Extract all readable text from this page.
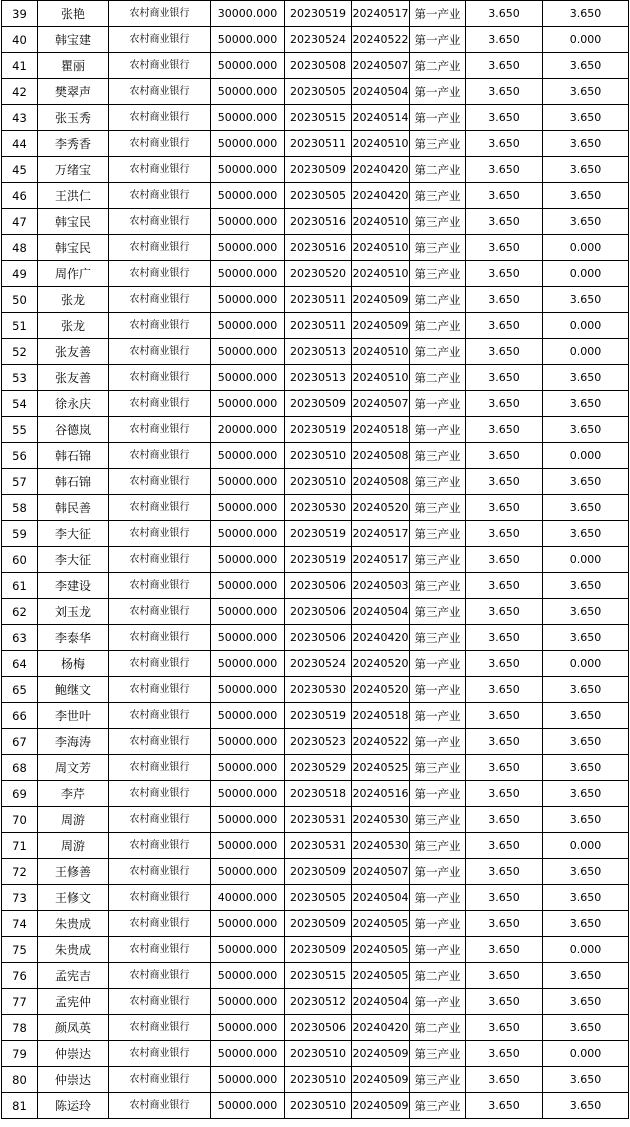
39	张艳	农村商业银行	30000.000	20230519	20240517	第一产业	3.650	3.650
40	韩宝建	农村商业银行	50000.000	20230524	20240522	第一产业	3.650	0.000
41	瞿丽	农村商业银行	50000.000	20230508	20240507	第二产业	3.650	3.650
42	樊翠声	农村商业银行	50000.000	20230505	20240504	第一产业	3.650	3.650
43	张玉秀	农村商业银行	50000.000	20230515	20240514	第一产业	3.650	3.650
44	李秀香	农村商业银行	50000.000	20230511	20240510	第三产业	3.650	3.650
45	万绪宝	农村商业银行	50000.000	20230509	20240420	第二产业	3.650	3.650
46	王洪仁	农村商业银行	50000.000	20230505	20240420	第三产业	3.650	3.650
47	韩宝民	农村商业银行	50000.000	20230516	20240510	第三产业	3.650	3.650
48	韩宝民	农村商业银行	50000.000	20230516	20240510	第三产业	3.650	0.000
49	周作广	农村商业银行	50000.000	20230520	20240510	第三产业	3.650	0.000
50	张龙	农村商业银行	50000.000	20230511	20240509	第二产业	3.650	3.650
51	张龙	农村商业银行	50000.000	20230511	20240509	第二产业	3.650	0.000
52	张友善	农村商业银行	50000.000	20230513	20240510	第二产业	3.650	0.000
53	张友善	农村商业银行	50000.000	20230513	20240510	第二产业	3.650	3.650
54	徐永庆	农村商业银行	50000.000	20230509	20240507	第一产业	3.650	3.650
55	谷德岚	农村商业银行	20000.000	20230519	20240518	第一产业	3.650	3.650
56	韩石锦	农村商业银行	50000.000	20230510	20240508	第三产业	3.650	0.000
57	韩石锦	农村商业银行	50000.000	20230510	20240508	第三产业	3.650	3.650
58	韩民善	农村商业银行	50000.000	20230530	20240520	第三产业	3.650	3.650
59	李大征	农村商业银行	50000.000	20230519	20240517	第三产业	3.650	3.650
60	李大征	农村商业银行	50000.000	20230519	20240517	第三产业	3.650	0.000
61	李建设	农村商业银行	50000.000	20230506	20240503	第三产业	3.650	3.650
62	刘玉龙	农村商业银行	50000.000	20230506	20240504	第三产业	3.650	3.650
63	李泰华	农村商业银行	50000.000	20230506	20240420	第三产业	3.650	3.650
64	杨梅	农村商业银行	50000.000	20230524	20240520	第一产业	3.650	0.000
65	鲍继文	农村商业银行	50000.000	20230530	20240520	第一产业	3.650	3.650
66	李世叶	农村商业银行	50000.000	20230519	20240518	第一产业	3.650	3.650
67	李海涛	农村商业银行	50000.000	20230523	20240522	第一产业	3.650	3.650
68	周文芳	农村商业银行	50000.000	20230529	20240525	第三产业	3.650	3.650
69	李芹	农村商业银行	50000.000	20230518	20240516	第一产业	3.650	3.650
70	周游	农村商业银行	50000.000	20230531	20240530	第三产业	3.650	3.650
71	周游	农村商业银行	50000.000	20230531	20240530	第三产业	3.650	0.000
72	王修善	农村商业银行	50000.000	20230509	20240507	第一产业	3.650	3.650
73	王修文	农村商业银行	40000.000	20230505	20240504	第一产业	3.650	3.650
74	朱贵成	农村商业银行	50000.000	20230509	20240505	第一产业	3.650	3.650
75	朱贵成	农村商业银行	50000.000	20230509	20240505	第一产业	3.650	0.000
76	孟宪吉	农村商业银行	50000.000	20230515	20240505	第二产业	3.650	3.650
77	孟宪仲	农村商业银行	50000.000	20230512	20240504	第一产业	3.650	3.650
78	颜凤英	农村商业银行	50000.000	20230506	20240420	第二产业	3.650	3.650
79	仲崇达	农村商业银行	50000.000	20230510	20240509	第三产业	3.650	0.000
80	仲崇达	农村商业银行	50000.000	20230510	20240509	第三产业	3.650	3.650
81	陈运玲	农村商业银行	50000.000	20230510	20240509	第三产业	3.650	3.650
